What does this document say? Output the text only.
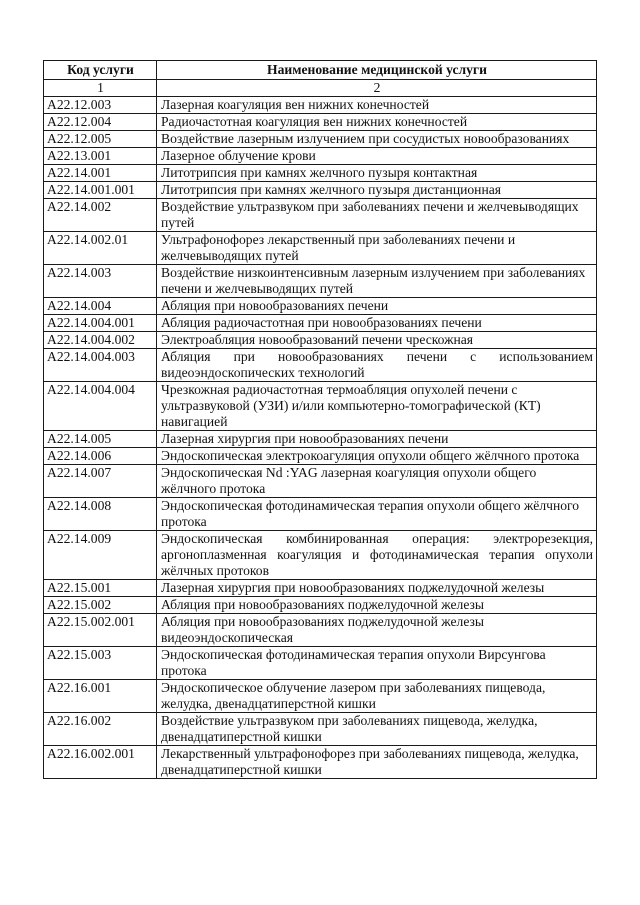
Код услуги	Наименование медицинской услуги
1	2
A22.12.003	Лазерная коагуляция вен нижних конечностей
A22.12.004	Радиочастотная коагуляция вен нижних конечностей
A22.12.005	Воздействие лазерным излучением при сосудистых новообразованиях
A22.13.001	Лазерное облучение крови
A22.14.001	Литотрипсия при камнях желчного пузыря контактная
A22.14.001.001	Литотрипсия при камнях желчного пузыря дистанционная
A22.14.002	Воздействие ультразвуком при заболеваниях печени и желчевыводящих путей
A22.14.002.01	Ультрафонофорез лекарственный при заболеваниях печени и желчевыводящих путей
A22.14.003	Воздействие низкоинтенсивным лазерным излучением при заболеваниях печени и желчевыводящих путей
A22.14.004	Абляция при новообразованиях печени
A22.14.004.001	Абляция радиочастотная при новообразованиях печени
A22.14.004.002	Электроабляция новообразований печени чрескожная
A22.14.004.003	Абляция при новообразованиях печени с использованием видеоэндоскопических технологий
A22.14.004.004	Чрезкожная радиочастотная термоабляция опухолей печени с ультразвуковой (УЗИ) и/или компьютерно-томографической (КТ) навигацией
A22.14.005	Лазерная хирургия при новообразованиях печени
A22.14.006	Эндоскопическая электрокоагуляция опухоли общего жёлчного протока
A22.14.007	Эндоскопическая Nd :YAG лазерная коагуляция опухоли общего жёлчного протока
A22.14.008	Эндоскопическая фотодинамическая терапия опухоли общего жёлчного протока
A22.14.009	Эндоскопическая комбинированная операция: электрорезекция, аргоноплазменная коагуляция и фотодинамическая терапия опухоли жёлчных протоков
A22.15.001	Лазерная хирургия при новообразованиях поджелудочной железы
A22.15.002	Абляция при новообразованиях поджелудочной железы
A22.15.002.001	Абляция при новообразованиях поджелудочной железы видеоэндоскопическая
A22.15.003	Эндоскопическая фотодинамическая терапия опухоли Вирсунгова протока
A22.16.001	Эндоскопическое облучение лазером при заболеваниях пищевода, желудка, двенадцатиперстной кишки
A22.16.002	Воздействие ультразвуком при заболеваниях пищевода, желудка, двенадцатиперстной кишки
A22.16.002.001	Лекарственный ультрафонофорез при заболеваниях пищевода, желудка, двенадцатиперстной кишки
